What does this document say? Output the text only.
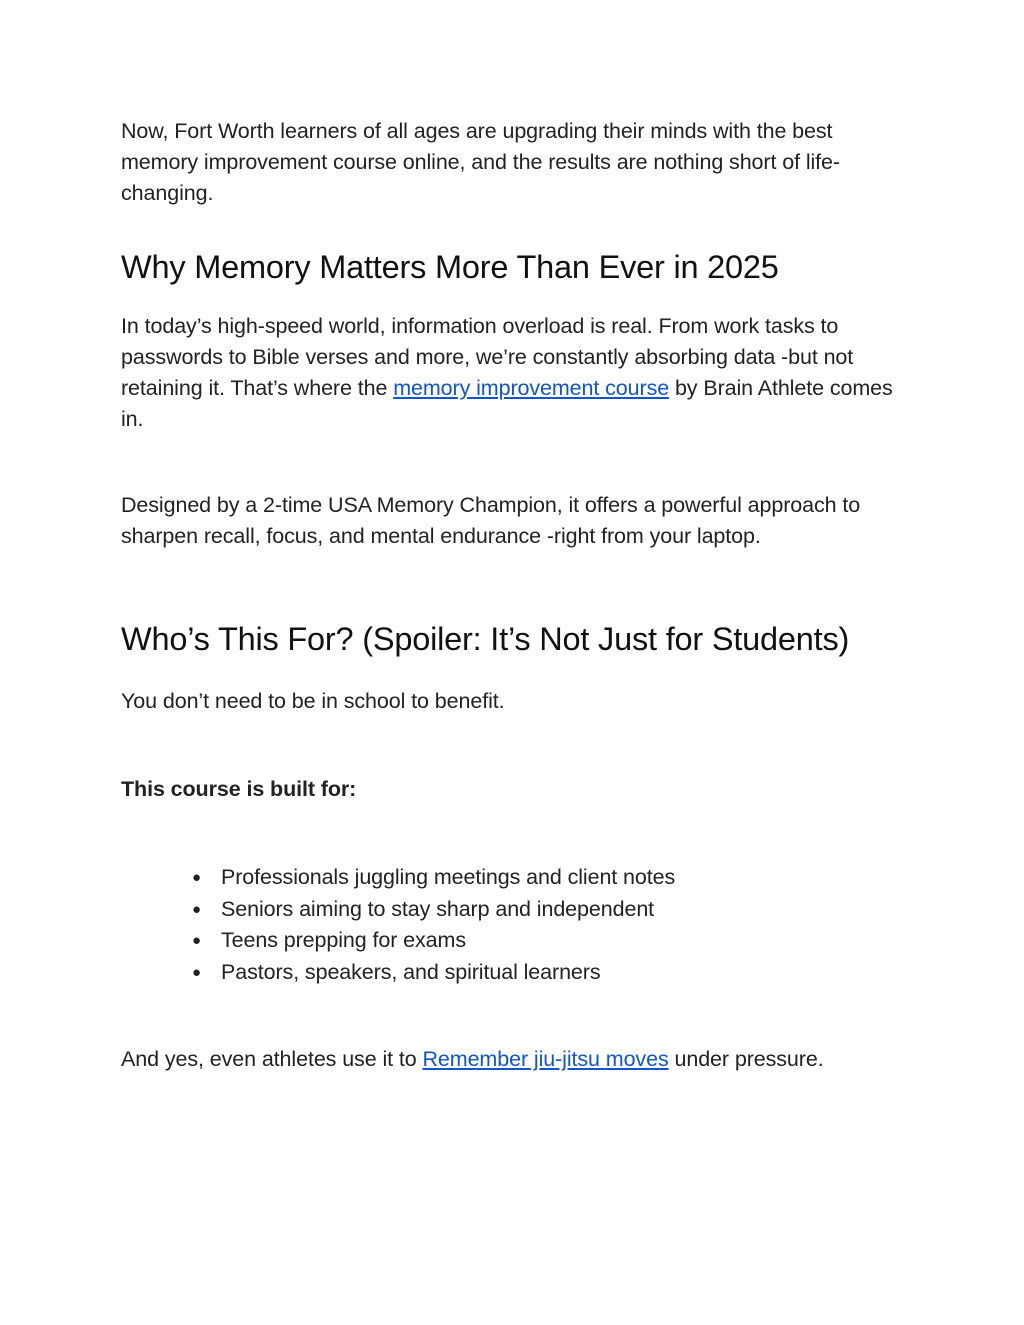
Now, Fort Worth learners of all ages are upgrading their minds with the best memory improvement course online, and the results are nothing short of life-changing.

Why Memory Matters More Than Ever in 2025

In today’s high-speed world, information overload is real. From work tasks to passwords to Bible verses and more, we’re constantly absorbing data -but not retaining it. That’s where the memory improvement course by Brain Athlete comes in.

Designed by a 2-time USA Memory Champion, it offers a powerful approach to sharpen recall, focus, and mental endurance -right from your laptop.

Who’s This For? (Spoiler: It’s Not Just for Students)

You don’t need to be in school to benefit.

This course is built for:

● Professionals juggling meetings and client notes
● Seniors aiming to stay sharp and independent
● Teens prepping for exams
● Pastors, speakers, and spiritual learners

And yes, even athletes use it to Remember jiu-jitsu moves under pressure.
